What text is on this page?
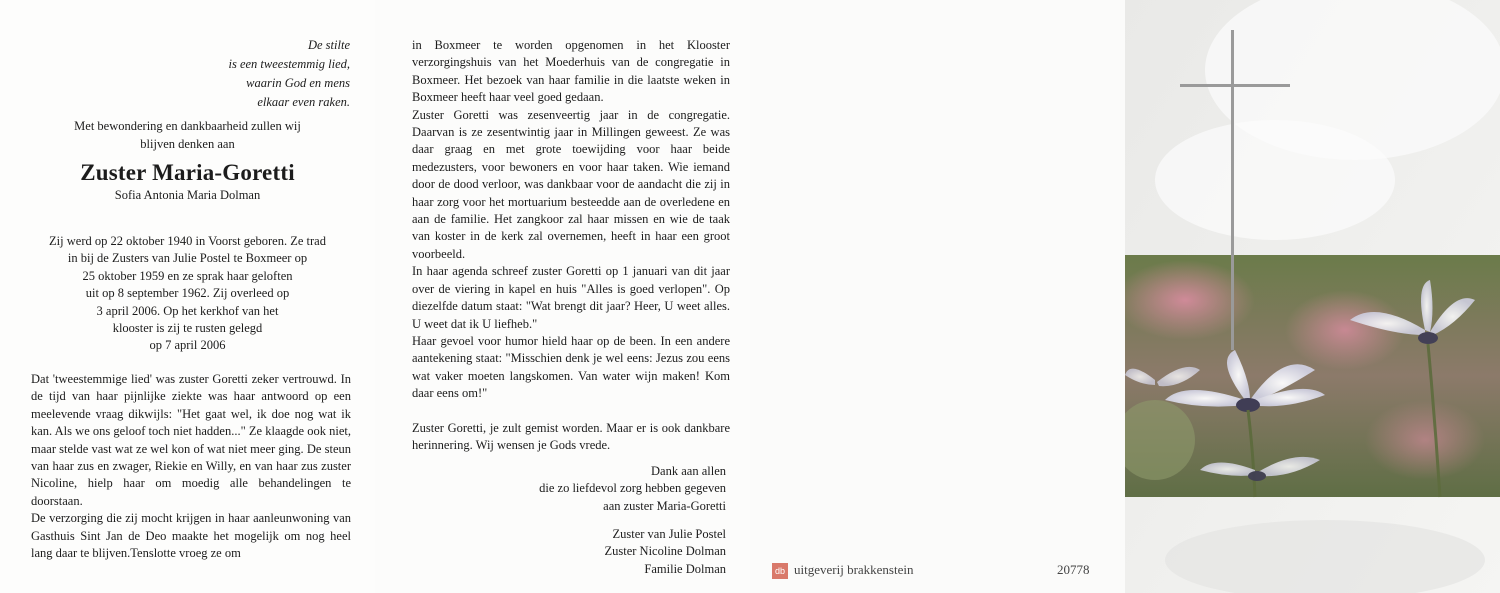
De stilte
is een tweestemmig lied,
waarin God en mens
elkaar even raken.
Met bewondering en dankbaarheid zullen wij
blijven denken aan
Zuster Maria-Goretti
Sofia Antonia Maria Dolman
Zij werd op 22 oktober 1940 in Voorst geboren. Ze trad
in bij de Zusters van Julie Postel te Boxmeer op
25 oktober 1959 en ze sprak haar geloften
uit op 8 september 1962. Zij overleed op
3 april 2006. Op het kerkhof van het
klooster is zij te rusten gelegd
op 7 april 2006

Dat 'tweestemmige lied' was zuster Goretti zeker vertrouwd. In de tijd van haar pijnlijke ziekte was haar antwoord op een meelevende vraag dikwijls: "Het gaat wel, ik doe nog wat ik kan. Als we ons geloof toch niet hadden..." Ze klaagde ook niet, maar stelde vast wat ze wel kon of wat niet meer ging. De steun van haar zus en zwager, Riekie en Willy, en van haar zus zuster Nicoline, hielp haar om moedig alle behandelingen te doorstaan.

De verzorging die zij mocht krijgen in haar aanleunwoning van Gasthuis Sint Jan de Deo maakte het mogelijk om nog heel lang daar te blijven.Tenslotte vroeg ze om

in Boxmeer te worden opgenomen in het Klooster verzorgingshuis van het Moederhuis van de congregatie in Boxmeer. Het bezoek van haar familie in die laatste weken in Boxmeer heeft haar veel goed gedaan.

Zuster Goretti was zesenveertig jaar in de congregatie. Daarvan is ze zesentwintig jaar in Millingen geweest. Ze was daar graag en met grote toewijding voor haar beide medezusters, voor bewoners en voor haar taken. Wie iemand door de dood verloor, was dankbaar voor de aandacht die zij in haar zorg voor het mortuarium besteedde aan de overledene en aan de familie. Het zangkoor zal haar missen en wie de taak van koster in de kerk zal overnemen, heeft in haar een groot voorbeeld.

In haar agenda schreef zuster Goretti op 1 januari van dit jaar over de viering in kapel en huis "Alles is goed verlopen". Op diezelfde datum staat: "Wat brengt dit jaar? Heer, U weet alles. U weet dat ik U liefheb."

Haar gevoel voor humor hield haar op de been. In een andere aantekening staat: "Misschien denk je wel eens: Jezus zou eens wat vaker moeten langskomen. Van water wijn maken! Kom daar eens om!"

Zuster Goretti, je zult gemist worden. Maar er is ook dankbare herinnering. Wij wensen je Gods vrede.

Dank aan allen
die zo liefdevol zorg hebben gegeven
aan zuster Maria-Goretti
Zuster van Julie Postel
Zuster Nicoline Dolman
Familie Dolman	db uitgeverij brakkenstein	20778
